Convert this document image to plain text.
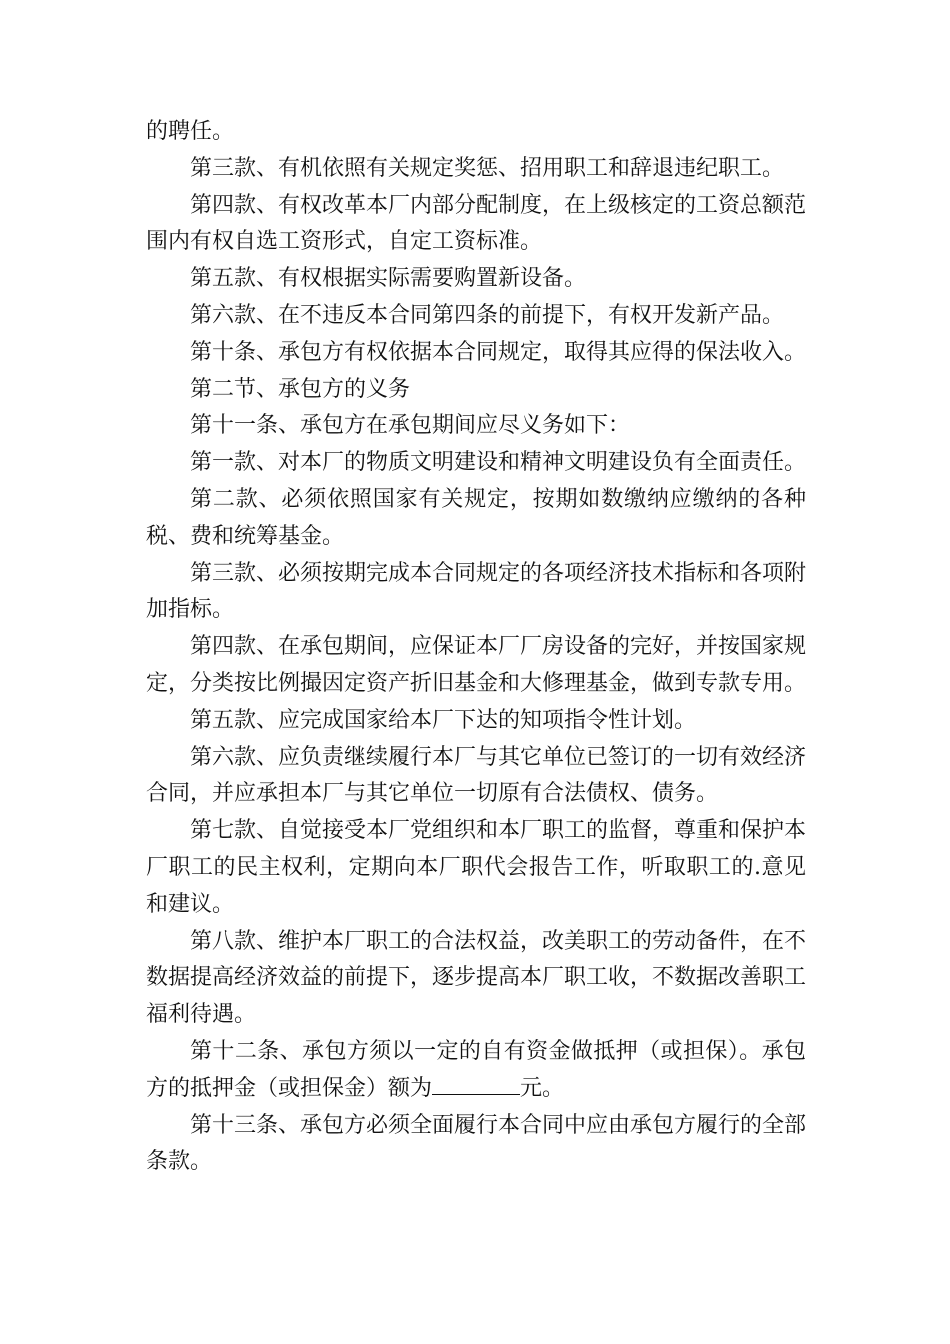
的聘任。

第三款、有机依照有关规定奖惩、招用职工和辞退违纪职工。

第四款、有权改革本厂内部分配制度，在上级核定的工资总额范围内有权自选工资形式，自定工资标准。

第五款、有权根据实际需要购置新设备。

第六款、在不违反本合同第四条的前提下，有权开发新产品。

第十条、承包方有权依据本合同规定，取得其应得的保法收入。

第二节、承包方的义务

第十一条、承包方在承包期间应尽义务如下：

第一款、对本厂的物质文明建设和精神文明建设负有全面责任。

第二款、必须依照国家有关规定，按期如数缴纳应缴纳的各种税、费和统筹基金。

第三款、必须按期完成本合同规定的各项经济技术指标和各项附加指标。

第四款、在承包期间，应保证本厂厂房设备的完好，并按国家规定，分类按比例撮因定资产折旧基金和大修理基金，做到专款专用。

第五款、应完成国家给本厂下达的知项指令性计划。

第六款、应负责继续履行本厂与其它单位已签订的一切有效经济合同，并应承担本厂与其它单位一切原有合法债权、债务。

第七款、自觉接受本厂党组织和本厂职工的监督，尊重和保护本厂职工的民主权利，定期向本厂职代会报告工作，听取职工的.意见和建议。

第八款、维护本厂职工的合法权益，改美职工的劳动备件，在不数据提高经济效益的前提下，逐步提高本厂职工收，不数据改善职工福利待遇。

第十二条、承包方须以一定的自有资金做抵押（或担保）。承包方的抵押金（或担保金）额为	元。

第十三条、承包方必须全面履行本合同中应由承包方履行的全部条款。
